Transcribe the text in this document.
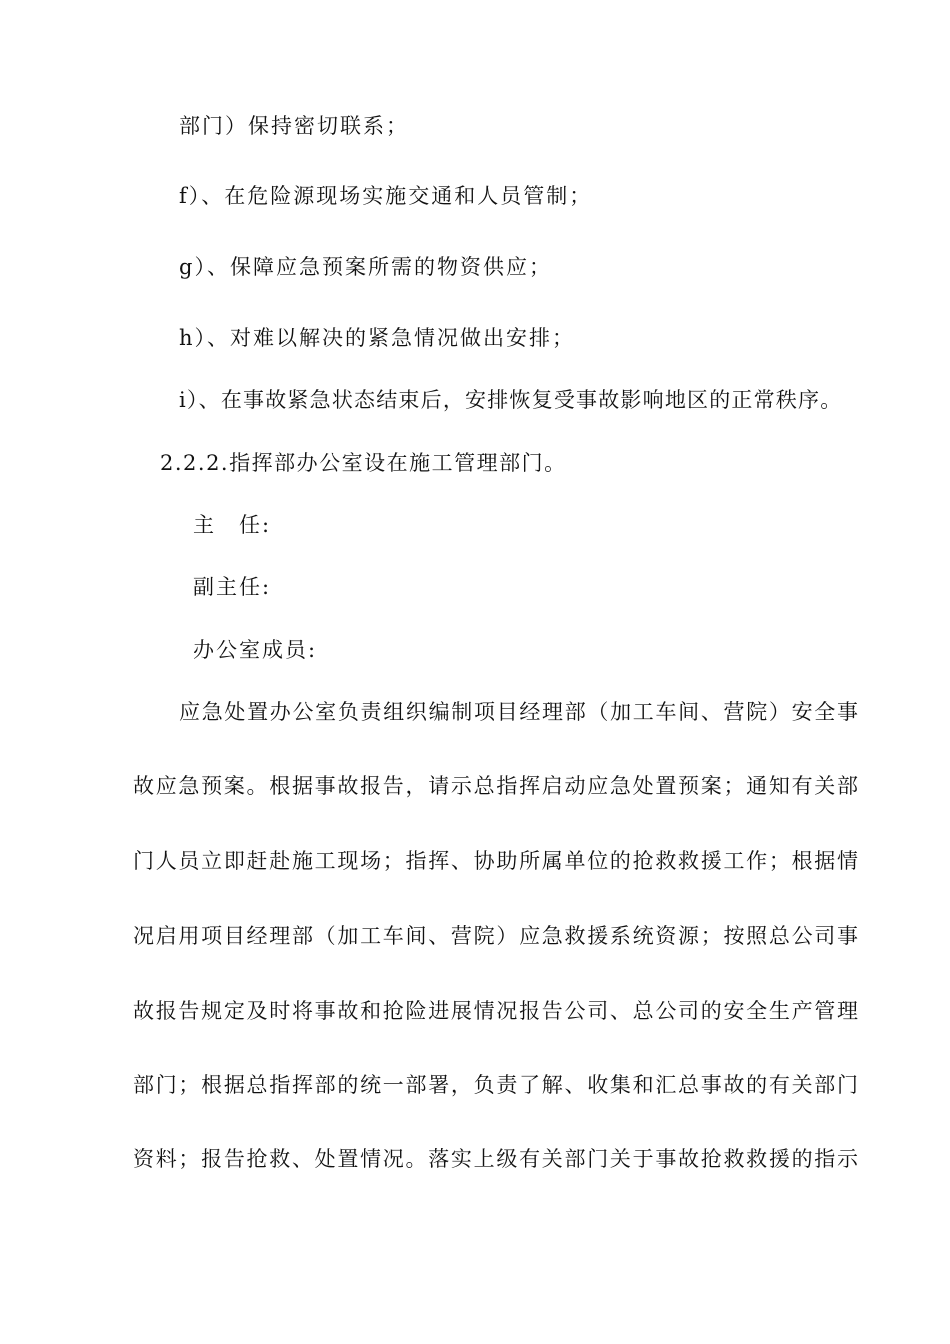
部门）保持密切联系；
f）、在危险源现场实施交通和人员管制；
g）、保障应急预案所需的物资供应；
h）、对难以解决的紧急情况做出安排；
i）、在事故紧急状态结束后，安排恢复受事故影响地区的正常秩序。
2.2.2.指挥部办公室设在施工管理部门。
主　任:
副主任:
办公室成员:
应急处置办公室负责组织编制项目经理部（加工车间、营院）安全事
故应急预案。根据事故报告，请示总指挥启动应急处置预案；通知有关部
门人员立即赶赴施工现场；指挥、协助所属单位的抢救救援工作；根据情
况启用项目经理部（加工车间、营院）应急救援系统资源；按照总公司事
故报告规定及时将事故和抢险进展情况报告公司、总公司的安全生产管理
部门；根据总指挥部的统一部署，负责了解、收集和汇总事故的有关部门
资料；报告抢救、处置情况。落实上级有关部门关于事故抢救救援的指示
